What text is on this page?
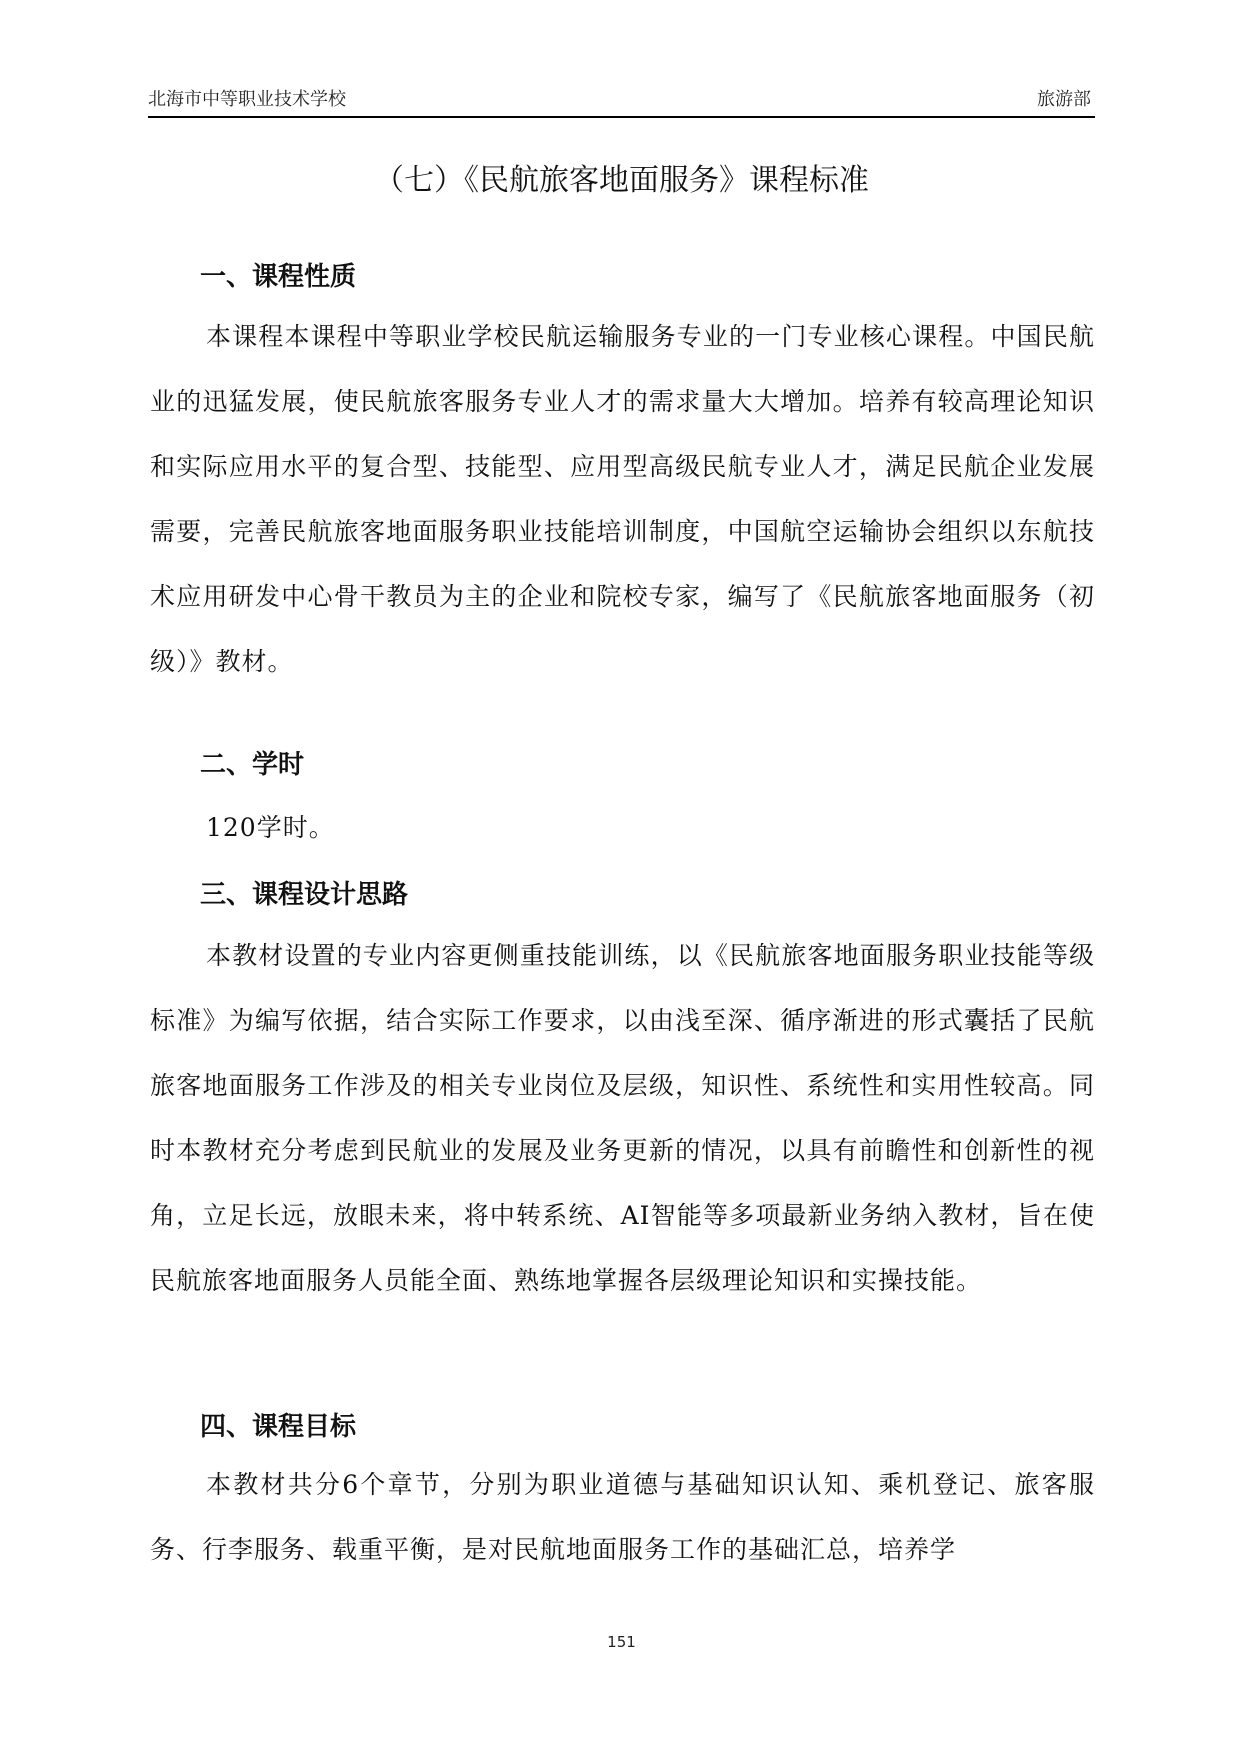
北海市中等职业技术学校	旅游部
（七）《民航旅客地面服务》课程标准
一、课程性质

本课程本课程中等职业学校民航运输服务专业的一门专业核心课程。中国民航业的迅猛发展，使民航旅客服务专业人才的需求量大大增加。培养有较高理论知识和实际应用水平的复合型、技能型、应用型高级民航专业人才，满足民航企业发展需要，完善民航旅客地面服务职业技能培训制度，中国航空运输协会组织以东航技术应用研发中心骨干教员为主的企业和院校专家，编写了《民航旅客地面服务（初级）》教材。

二、学时

120学时。

三、课程设计思路

本教材设置的专业内容更侧重技能训练，以《民航旅客地面服务职业技能等级标准》为编写依据，结合实际工作要求，以由浅至深、循序渐进的形式囊括了民航旅客地面服务工作涉及的相关专业岗位及层级，知识性、系统性和实用性较高。同时本教材充分考虑到民航业的发展及业务更新的情况，以具有前瞻性和创新性的视角，立足长远，放眼未来，将中转系统、AI智能等多项最新业务纳入教材，旨在使民航旅客地面服务人员能全面、熟练地掌握各层级理论知识和实操技能。

四、课程目标

本教材共分6个章节，分别为职业道德与基础知识认知、乘机登记、旅客服务、行李服务、载重平衡，是对民航地面服务工作的基础汇总，培养学

151
